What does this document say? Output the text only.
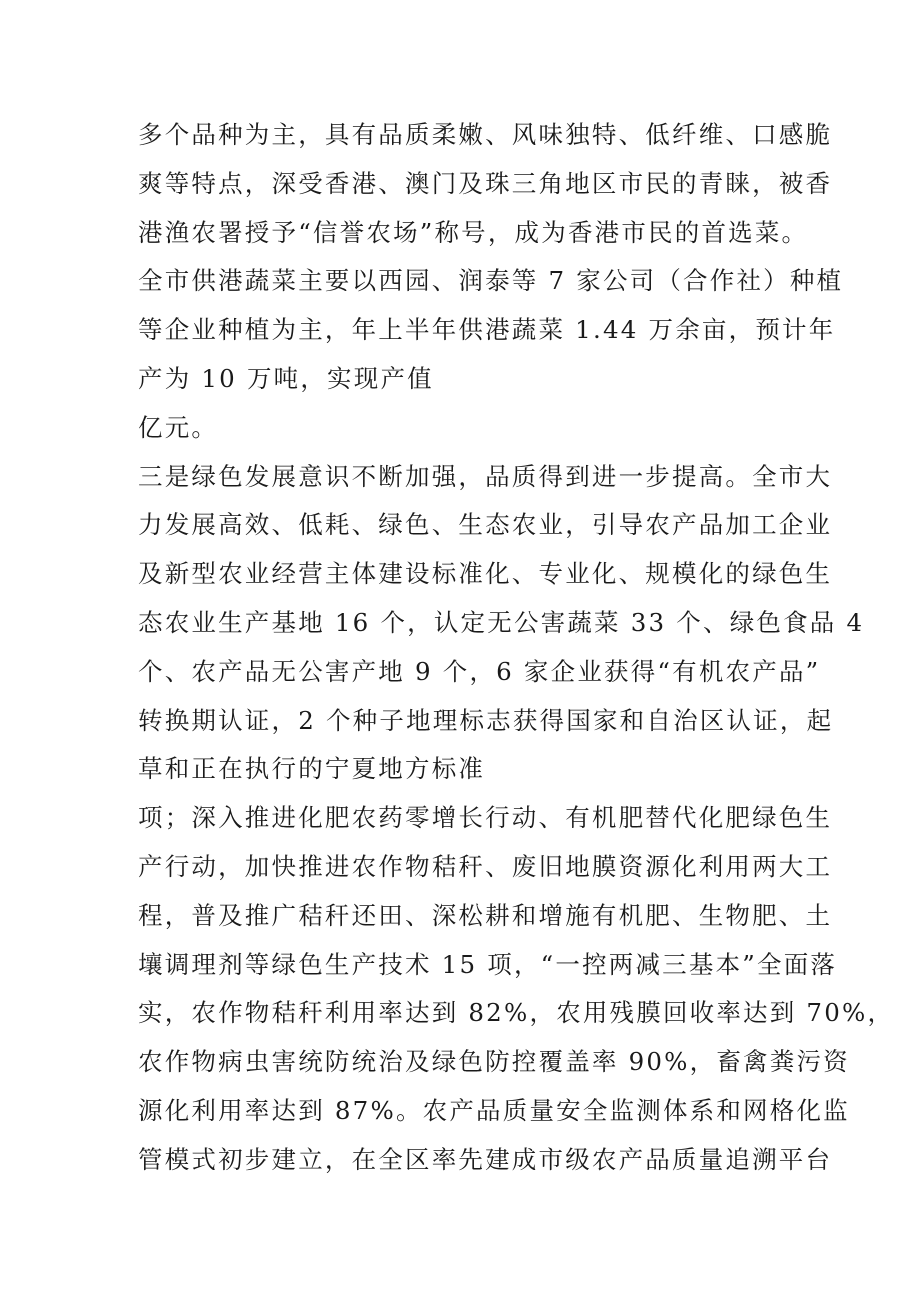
多个品种为主，具有品质柔嫩、风味独特、低纤维、口感脆
爽等特点，深受香港、澳门及珠三角地区市民的青睐，被香
港渔农署授予“信誉农场”称号，成为香港市民的首选菜。
全市供港蔬菜主要以西园、润泰等 7 家公司（合作社）种植
等企业种植为主，年上半年供港蔬菜 1.44 万余亩，预计年
产为 10 万吨，实现产值
亿元。
三是绿色发展意识不断加强，品质得到进一步提高。全市大
力发展高效、低耗、绿色、生态农业，引导农产品加工企业
及新型农业经营主体建设标准化、专业化、规模化的绿色生
态农业生产基地 16 个，认定无公害蔬菜 33 个、绿色食品 4
个、农产品无公害产地 9 个，6 家企业获得“有机农产品”
转换期认证，2 个种子地理标志获得国家和自治区认证，起
草和正在执行的宁夏地方标准
项；深入推进化肥农药零增长行动、有机肥替代化肥绿色生
产行动，加快推进农作物秸秆、废旧地膜资源化利用两大工
程，普及推广秸秆还田、深松耕和增施有机肥、生物肥、土
壤调理剂等绿色生产技术 15 项，“一控两减三基本”全面落
实，农作物秸秆利用率达到 82%，农用残膜回收率达到 70%，
农作物病虫害统防统治及绿色防控覆盖率 90%，畜禽粪污资
源化利用率达到 87%。农产品质量安全监测体系和网格化监
管模式初步建立，在全区率先建成市级农产品质量追溯平台
